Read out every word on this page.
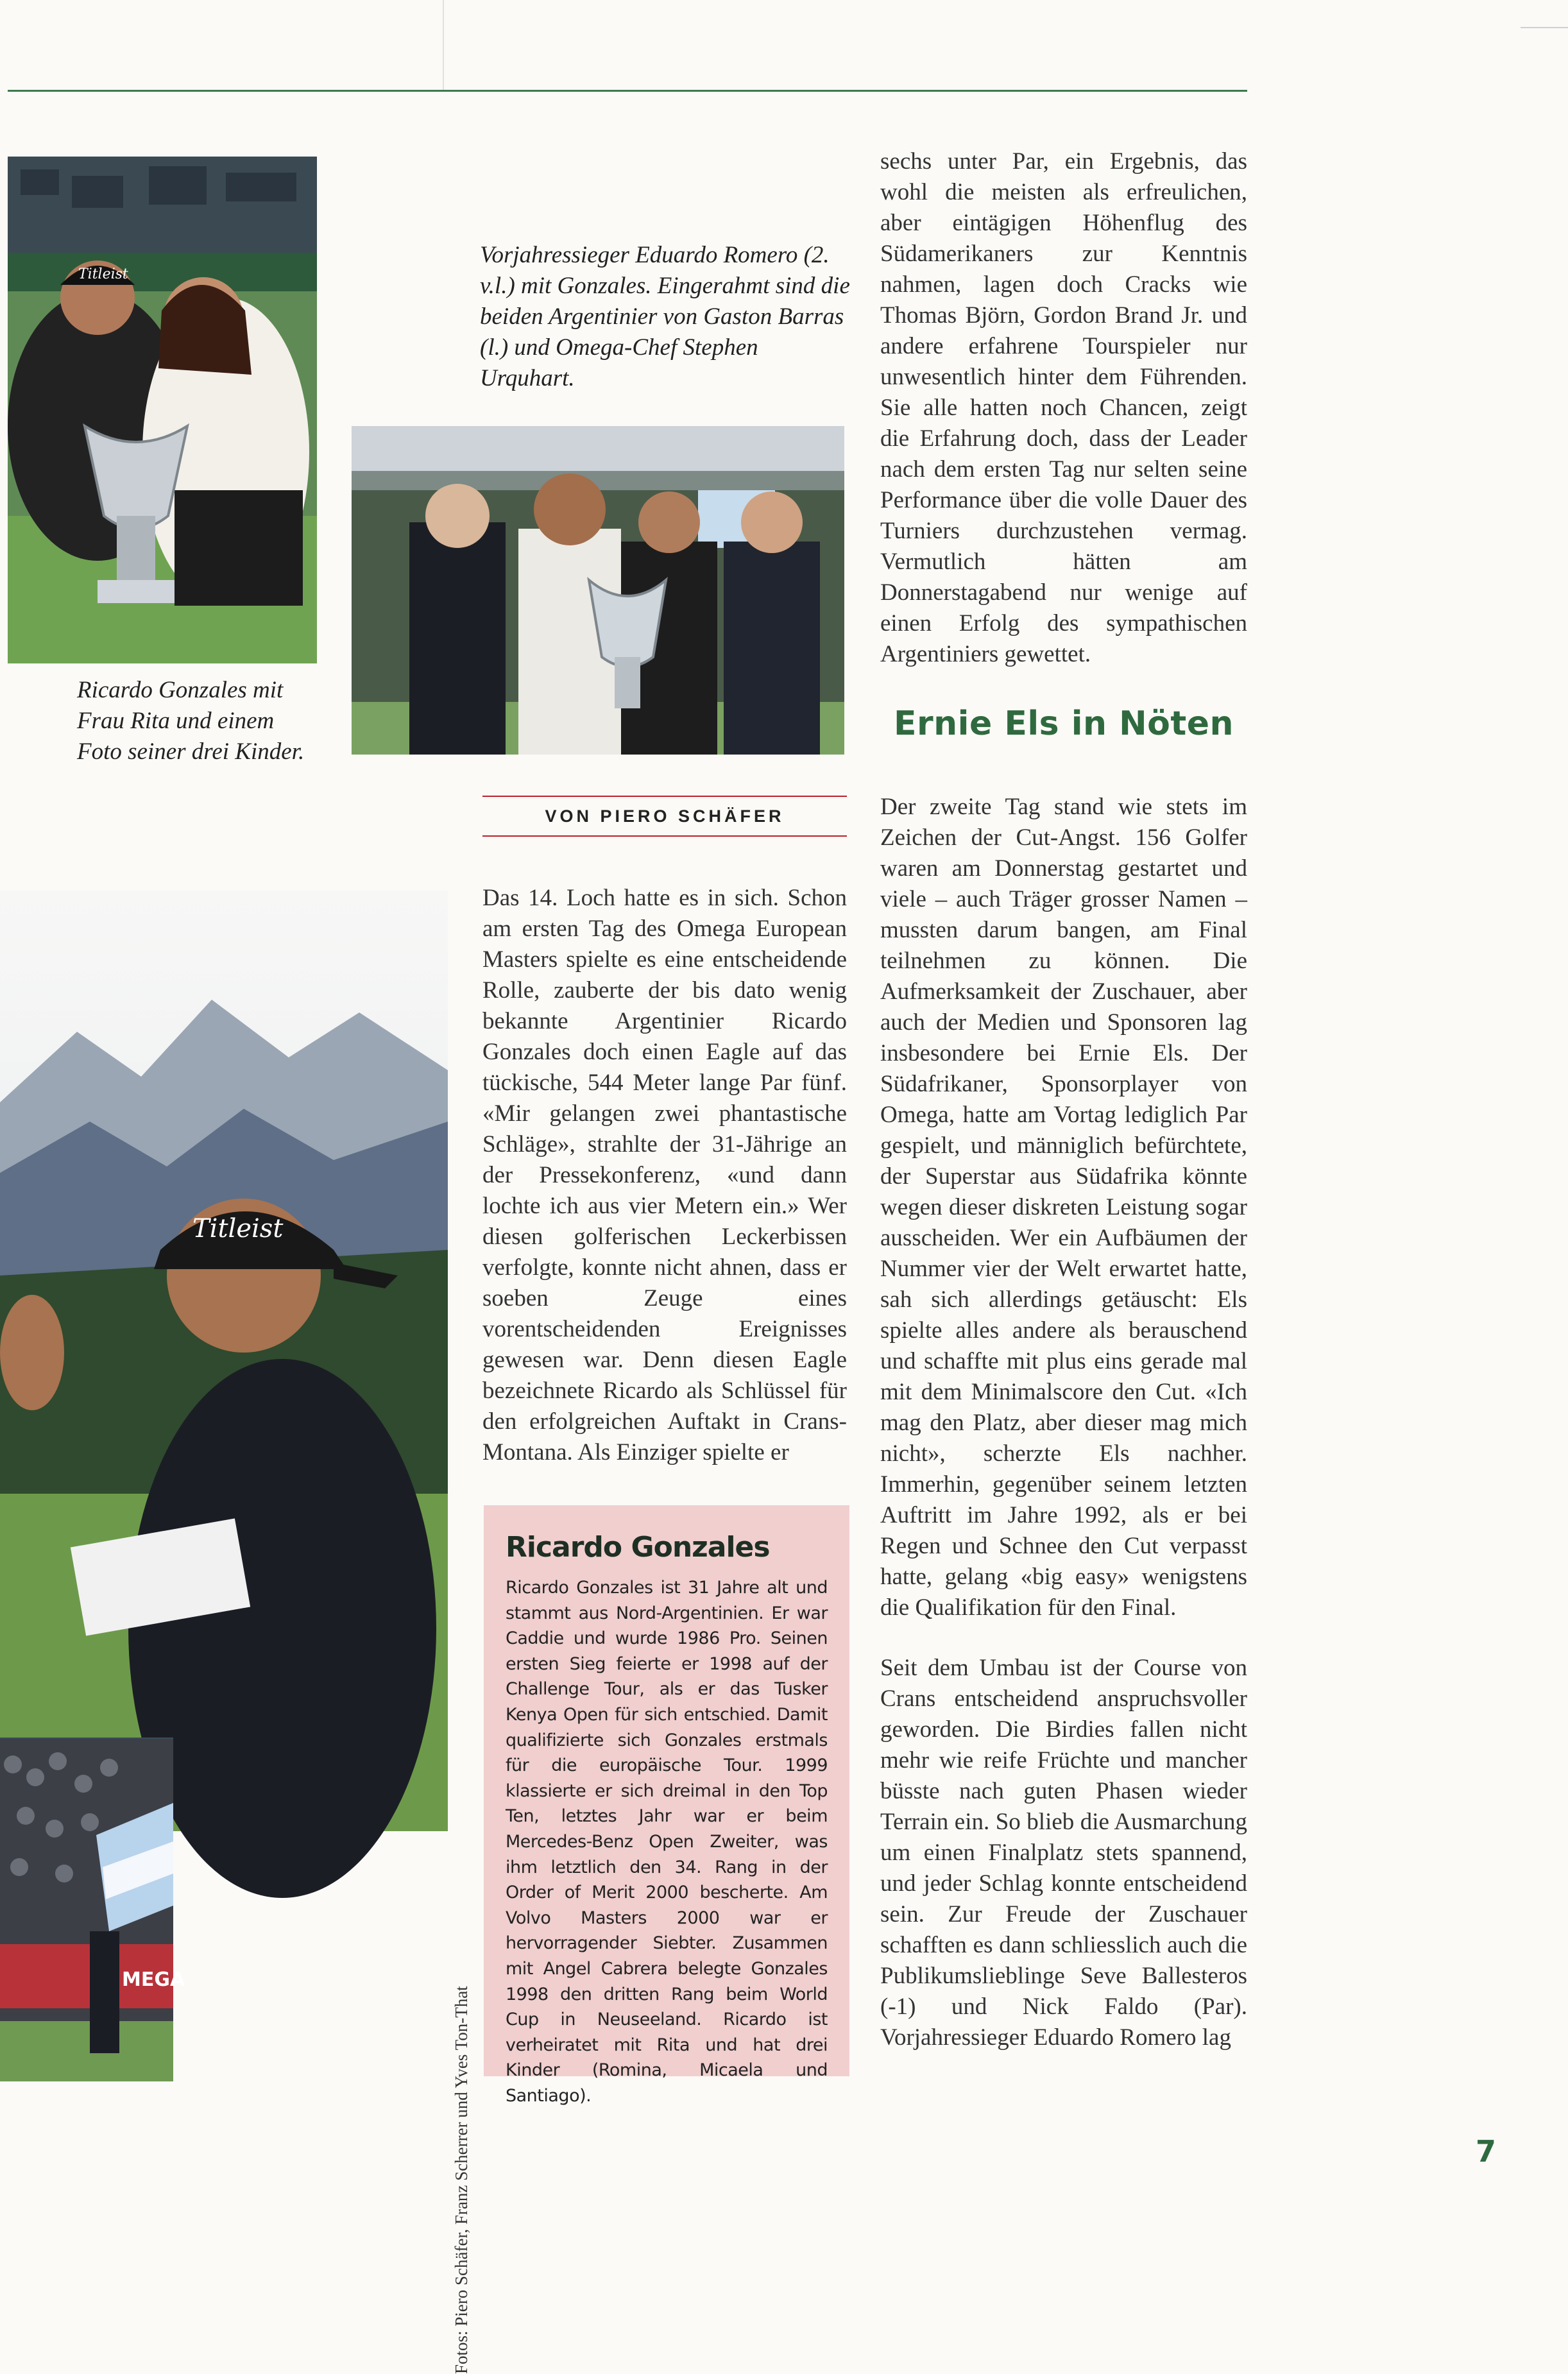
Titleist
Ricardo Gonzales mit Frau Rita und einem Foto seiner drei Kinder.
Vorjahressieger Eduardo Romero (2. v.l.) mit Gonzales. Eingerahmt sind die beiden Argentinier von Gaston Barras (l.) und Omega-Chef Stephen Urquhart.
VON PIERO SCHÄFER

Das 14. Loch hatte es in sich. Schon am ersten Tag des Omega European Masters spielte es eine entscheidende Rolle, zauberte der bis dato wenig bekannte Argentinier Ricardo Gonzales doch einen Eagle auf das tückische, 544 Meter lange Par fünf. «Mir gelangen zwei phantastische Schläge», strahlte der 31-Jährige an der Pressekonferenz, «und dann lochte ich aus vier Metern ein.» Wer diesen golferischen Leckerbissen verfolgte, konnte nicht ahnen, dass er soeben Zeuge eines vorentscheidenden Ereignisses gewesen war. Denn diesen Eagle bezeichnete Ricardo als Schlüssel für den erfolgreichen Auftakt in Crans-Montana. Als Einziger spielte er

Ricardo Gonzales
Ricardo Gonzales ist 31 Jahre alt und stammt aus Nord-Argentinien. Er war Caddie und wurde 1986 Pro. Seinen ersten Sieg feierte er 1998 auf der Challenge Tour, als er das Tusker Kenya Open für sich entschied. Damit qualifizierte sich Gonzales erstmals für die europäische Tour. 1999 klassierte er sich dreimal in den Top Ten, letztes Jahr war er beim Mercedes-Benz Open Zweiter, was ihm letztlich den 34. Rang in der Order of Merit 2000 bescherte. Am Volvo Masters 2000 war er hervorragender Siebter. Zusammen mit Angel Cabrera belegte Gonzales 1998 den dritten Rang beim World Cup in Neuseeland. Ricardo ist verheiratet mit Rita und hat drei Kinder (Romina, Micaela und Santiago).

sechs unter Par, ein Ergebnis, das wohl die meisten als erfreulichen, aber eintägigen Höhenflug des Südamerikaners zur Kenntnis nahmen, lagen doch Cracks wie Thomas Björn, Gordon Brand Jr. und andere erfahrene Tourspieler nur unwesentlich hinter dem Führenden. Sie alle hatten noch Chancen, zeigt die Erfahrung doch, dass der Leader nach dem ersten Tag nur selten seine Performance über die volle Dauer des Turniers durchzustehen vermag. Vermutlich hätten am Donnerstagabend nur wenige auf einen Erfolg des sympathischen Argentiniers gewettet.

Ernie Els in Nöten

Der zweite Tag stand wie stets im Zeichen der Cut-Angst. 156 Golfer waren am Donnerstag gestartet und viele – auch Träger grosser Namen – mussten darum bangen, am Final teilnehmen zu können. Die Aufmerksamkeit der Zuschauer, aber auch der Medien und Sponsoren lag insbesondere bei Ernie Els. Der Südafrikaner, Sponsorplayer von Omega, hatte am Vortag lediglich Par gespielt, und männiglich befürchtete, der Superstar aus Südafrika könnte wegen dieser diskreten Leistung sogar ausscheiden. Wer ein Aufbäumen der Nummer vier der Welt erwartet hatte, sah sich allerdings getäuscht: Els spielte alles andere als berauschend und schaffte mit plus eins gerade mal mit dem Minimalscore den Cut. «Ich mag den Platz, aber dieser mag mich nicht», scherzte Els nachher. Immerhin, gegenüber seinem letzten Auftritt im Jahre 1992, als er bei Regen und Schnee den Cut verpasst hatte, gelang «big easy» wenigstens die Qualifikation für den Final.

Seit dem Umbau ist der Course von Crans entscheidend anspruchsvoller geworden. Die Birdies fallen nicht mehr wie reife Früchte und mancher büsste nach guten Phasen wieder Terrain ein. So blieb die Ausmarchung um einen Finalplatz stets spannend, und jeder Schlag konnte entscheidend sein. Zur Freude der Zuschauer schafften es dann schliesslich auch die Publikumslieblinge Seve Ballesteros (-1) und Nick Faldo (Par). Vorjahressieger Eduardo Romero lag

Titleist
MEGA
Fotos: Piero Schäfer, Franz Scherrer und Yves Ton-That	7
